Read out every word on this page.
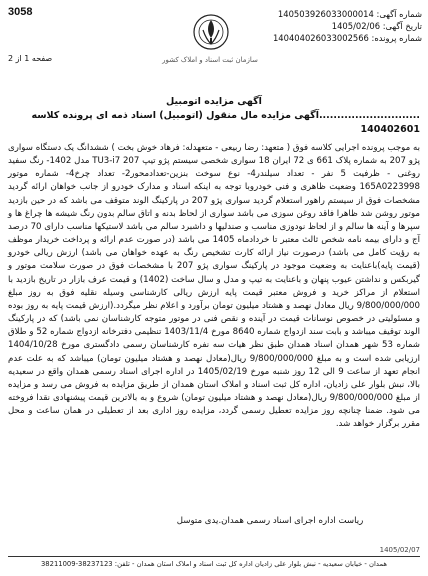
3058
سازمان ثبت اسناد و املاک کشور
شماره آگهی: 140503926033000014
تاریخ آگهی: 1405/02/06
شماره پرونده: 140404026033002566
صفحه 1 از 2
آگهی مزایده اتومبیل
............................آگهی مزایده مال منقول (اتومبیل) اسناد ذمه ای پرونده کلاسه 140402601
به موجب پرونده اجرایی کلاسه فوق ( متعهد: رضا ربیعی - متعهدله: فرهاد خوش بخت ) ششدانگ یک دستگاه سواری پژو 207 به شماره پلاک 661 ی 72 ایران 18 سواری شخصی سیستم پژو تیپ TU3-i7 207 مدل 1402- رنگ سفید روغنی - ظرفیت 5 نفر - تعداد سیلندر4- نوع سوخت بنزین-تعدادمحور2- تعداد چرخ4- شماره موتور 165A0223998 وضعیت ظاهری و فنی خودروبا توجه به اینکه اسناد و مدارک خودرو از جانب خواهان ارائه گردید مشخصات فوق از سیستم راهور استعلام گردید سواری پژو 207 در پارکینگ الوند متوقف می باشد که در حین بازدید موتور روشن شد ظاهرا فاقد روغن سوزی می باشد سواری از لحاظ بدنه و اتاق سالم بدون رنگ شیشه ها چراغ ها و سپرها و آینه ها سالم و از لحاظ نودوزی مناسب و صندلیها و داشبرد سالم می باشد لاستیکها مناسب دارای 70 درصد آج و دارای بیمه نامه شخص ثالث معتبر تا خردادماه 1405 می باشد (در صورت عدم ارائه و پرداخت خریدار موظف به رؤیت کامل می باشد) درصورت نیاز ارائه کارت تشخیص رنگ به عهده خواهان می باشد) ارزش ریالی خودرو (قیمت پایه)باعنایت به وضعیت موجود در پارکینگ سواری پژو 207 با مشخصات فوق در صورت سلامت موتور و گیربکس و نداشتن عیوب پنهان و باعنایت به تیپ و مدل و سال ساخت (1402) و قیمت عرف بازار در تاریخ بازدید با استعلام از مراکز خرید و فروش معتبر قیمت پایه ارزش ریالی کارشناسی وسیله نقلیه فوق به روز مبلغ 9/800/000/000 ریال معادل نهصد و هشتاد میلیون تومان برآورد و اعلام نظر میگردد.(ارزش قیمت پایه به روز بوده و مسئولیتی در خصوص نوسانات قیمت در آینده و نقص فنی در موتور متوجه کارشناسان نمی باشد) که در پارکینگ الوند توقیف میباشد و بابت سند ازدواج شماره 8640 مورخ 1403/11/4 تنظیمی دفترخانه ازدواج شماره 52 و طلاق شماره 53 شهر همدان اسناد همدان طبق نظر هیات سه نفره کارشناسان رسمی دادگستری مورخ 1404/10/28 ارزیابی شده است و به مبلغ 9/800/000/000 ریال(معادل نهصد و هشتاد میلیون تومان) میباشد که به علت عدم انجام تعهد از ساعت 9 الی 12 روز شنبه مورخ 1405/02/19 در اداره اجرای اسناد رسمی همدان واقع در سعیدیه بالا، نبش بلوار علی زادیان، اداره کل ثبت اسناد و املاک استان همدان از طریق مزایده به فروش می رسد و مزایده از مبلغ 9/800/000/000 ریال(معادل نهصد و هشتاد میلیون تومان) شروع و به بالاترین قیمت پیشنهادی نقدا فروخته می شود. ضمنا چنانچه روز مزایده تعطیل رسمی گردد، مزایده روز اداری بعد از تعطیلی در همان ساعت و محل مقرر برگزار خواهد شد.
ریاست اداره اجرای اسناد رسمی همدان.یدی متوسل
1405/02/07
همدان - خیابان سعیدیه - نبش بلوار علی زادیان اداره کل ثبت اسناد و املاک استان همدان - تلفن: 38237123-38211009
